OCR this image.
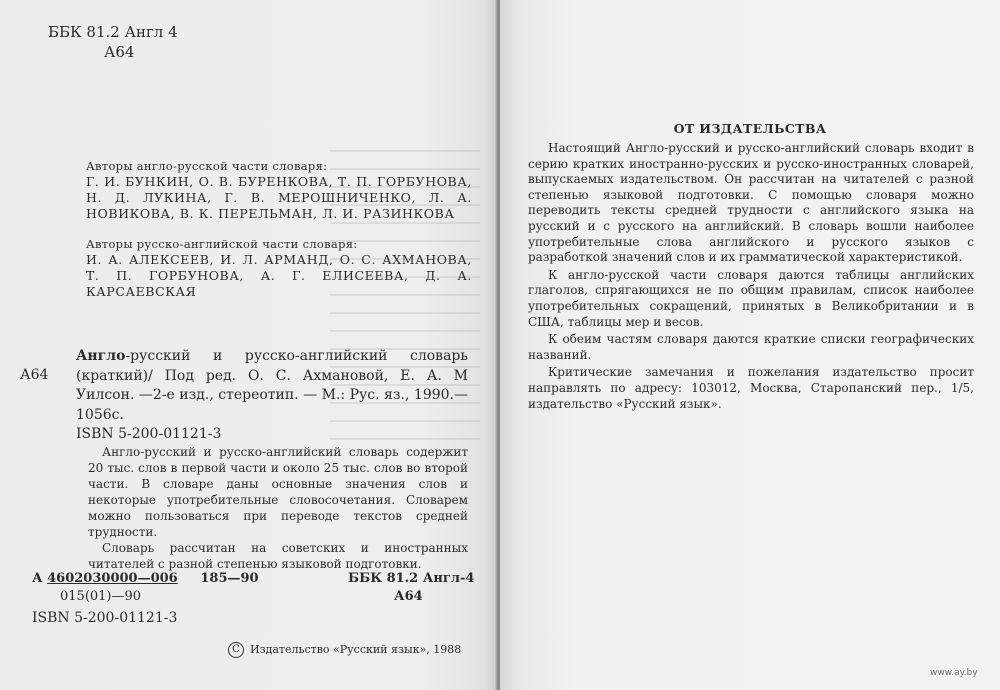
ББК 81.2 Англ 4
А64
Авторы англо-русской части словаря:
Г. И. БУНКИН, О. В. БУРЕНКОВА, Т. П. ГОРБУНОВА, Н. Д. ЛУКИНА, Г. В. МЕРОШНИЧЕНКО, Л. А. НОВИКОВА, В. К. ПЕРЕЛЬМАН, Л. И. РАЗИНКОВА
Авторы русско-английской части словаря:
И. А. АЛЕКСЕЕВ, И. Л. АРМАНД, О. С. АХМАНОВА, Т. П. ГОРБУНОВА, А. Г. ЕЛИСЕЕВА, Д. А. КАРСАЕВСКАЯ
А64
Англо-русский и русско-английский словарь (краткий)/ Под ред. О. С. Ахмановой, Е. А. М Уилсон. —2-е изд., стереотип. — М.: Рус. яз., 1990.—1056с.
ISBN 5-200-01121-3

Англо-русский и русско-английский словарь содержит 20 тыс. слов в первой части и около 25 тыс. слов во второй части. В словаре даны основные значения слов и некоторые употребительные словосочетания. Словарем можно пользоваться при переводе текстов средней трудности.

Словарь рассчитан на советских и иностранных читателей с разной степенью языковой подготовки.

А 4602030000—006 185—90
015(01)—90
ББК 81.2 Англ-4
А64
ISBN 5-200-01121-3
С Издательство «Русский язык», 1988
ОТ ИЗДАТЕЛЬСТВА

Настоящий Англо-русский и русско-английский словарь входит в серию кратких иностранно-русских и русско-иностранных словарей, выпускаемых издательством. Он рассчитан на читателей с разной степенью языковой подготовки. С помощью словаря можно переводить тексты средней трудности с английского языка на русский и с русского на английский. В словарь вошли наиболее употребительные слова английского и русского языков с разработкой значений слов и их грамматической характеристикой.

К англо-русской части словаря даются таблицы английских глаголов, спрягающихся не по общим правилам, список наиболее употребительных сокращений, принятых в Великобритании и в США, таблицы мер и весов.

К обеим частям словаря даются краткие списки географических названий.

Критические замечания и пожелания издательство просит направлять по адресу: 103012, Москва, Старопанский пер., 1/5, издательство «Русский язык».

www.ay.by
